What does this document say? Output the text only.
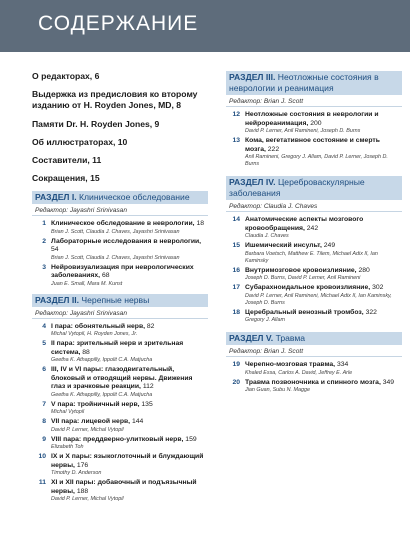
СОДЕРЖАНИЕ
О редакторах, 6
Выдержка из предисловия ко второму изданию от H. Royden Jones, MD, 8
Памяти Dr. H. Royden Jones, 9
Об иллюстраторах, 10
Составители, 11
Сокращения, 15
РАЗДЕЛ I. Клиническое обследование
Редактор: Jayashri Srinivasan
1 Клиническое обследование в неврологии, 18
Brian J. Scott, Claudia J. Chaves, Jayashri Srinivasan
2 Лабораторные исследования в неврологии, 54
Brian J. Scott, Claudia J. Chaves, Jayashri Srinivasan
3 Нейровизуализация при неврологических заболеваниях, 68
Juan E. Small, Mara M. Kunst
РАЗДЕЛ II. Черепные нервы
Редактор: Jayashri Srinivasan
4 I пара: обонятельный нерв, 82
Michal Vytopil, H. Royden Jones, Jr.
5 II пара: зрительный нерв и зрительная система, 88
Geetha K. Athappilly, Ippolit C.A. Matjucha
6 III, IV и VI пары: глазодвигательный, блоковый и отводящий нервы. Движения глаз и зрачковые реакции, 112
Geetha K. Athappilly, Ippolit C.A. Matjucha
7 V пара: тройничный нерв, 135
Michal Vytopil
8 VII пара: лицевой нерв, 144
David P. Lerner, Michal Vytopil
9 VIII пара: преддверно-улитковый нерв, 159
Elizabeth Toh
10 IX и X пары: языкоглоточный и блуждающий нервы, 176
Timothy D. Anderson
11 XI и XII пары: добавочный и подъязычный нервы, 188
David P. Lerner, Michal Vytopil
РАЗДЕЛ III. Неотложные состояния в неврологии и реанимация
Редактор: Brian J. Scott
12 Неотложные состояния в неврологии и нейрореанимация, 200
David P. Lerner, Anil Ramineni, Joseph D. Burns
13 Кома, вегетативное состояние и смерть мозга, 222
Anil Ramineni, Gregory J. Allam, David P. Lerner, Joseph D. Burns
РАЗДЕЛ IV. Цереброваскулярные заболевания
Редактор: Claudia J. Chaves
14 Анатомические аспекты мозгового кровообращения, 242
Claudia J. Chaves
15 Ишемический инсульт, 249
Barbara Voetsch, Matthew E. Tilem, Michael Adix II, Ian Kaminsky
16 Внутримозговое кровоизлияние, 280
Joseph D. Burns, David P. Lerner, Anil Ramineni
17 Субарахноидальное кровоизлияние, 302
David P. Lerner, Anil Ramineni, Michael Adix II, Ian Kaminsky, Joseph D. Burns
18 Церебральный венозный тромбоз, 322
Gregory J. Allam
РАЗДЕЛ V. Травма
Редактор: Brian J. Scott
19 Черепно-мозговая травма, 334
Khaled Essa, Carlos A. David, Jeffrey E. Arle
20 Травма позвоночника и спинного мозга, 349
Jian Guan, Subu N. Magge
